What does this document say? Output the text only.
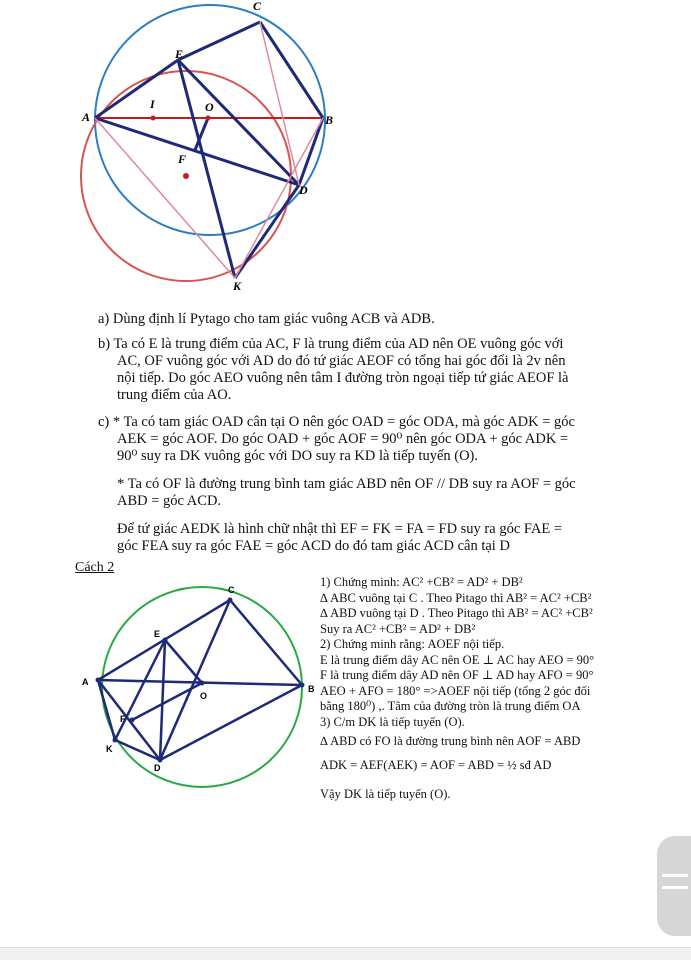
C
E
A
I	O
B
F
D
K

a) Dùng định lí Pytago cho tam giác vuông ACB và ADB.

b) Ta có E là trung điểm của AC, F là trung điểm của AD nên OE vuông góc với

AC, OF vuông góc với AD do đó tứ giác AEOF có tổng hai góc đối là 2v nên

nội tiếp. Do góc AEO vuông nên tâm I đường tròn ngoại tiếp tứ giác AEOF là

trung điểm của AO.

c) * Ta có tam giác OAD cân tại O nên góc OAD = góc ODA, mà góc ADK = góc

AEK = góc AOF. Do góc OAD + góc AOF = 90⁰ nên góc ODA + góc ADK =

90⁰ suy ra DK vuông góc với DO suy ra KD là tiếp tuyến (O).

* Ta có OF là đường trung bình tam giác ABD nên OF // DB suy ra AOF = góc

ABD = góc ACD.

Để tứ giác AEDK là hình chữ nhật thì EF = FK = FA = FD suy ra góc FAE =

góc FEA suy ra góc FAE = góc ACD do đó tam giác ACD cân tại D

Cách 2
C
E
A
O
B
F
K
D
1) Chứng minh: AC² +CB² = AD² + DB²
∆ ABC vuông tại C . Theo Pitago thì AB² = AC² +CB²
∆ ABD vuông tại D . Theo Pitago thì AB² = AC² +CB²
Suy ra AC² +CB² = AD² + DB²
2) Chứng minh rằng: AOEF nội tiếp.
E là trung điểm dây AC nên OE ⊥ AC hay AEO = 90°
F là trung điểm dây AD nên OF ⊥ AD hay AFO = 90°
AEO + AFO = 180° =>AOEF nội tiếp (tổng 2 góc đối
bằng 180⁰) ,. Tâm của đường tròn là trung điểm OA
3) C/m DK là tiếp tuyến (O).
∆ ABD có FO là đường trung bình nên AOF = ABD
ADK = AEF(AEK) = AOF = ABD = ½ sđ AD
Vậy DK là tiếp tuyến (O).
